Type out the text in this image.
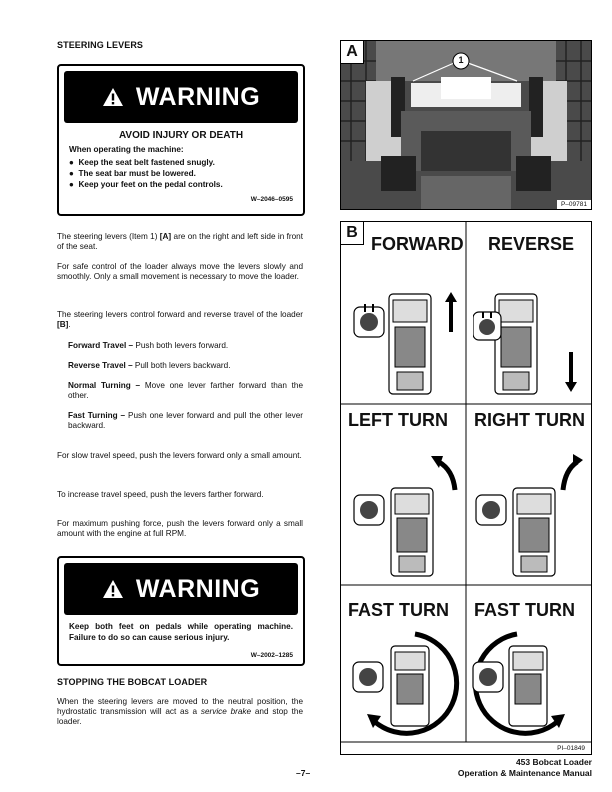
STEERING LEVERS
WARNING
AVOID INJURY OR DEATH
When operating the machine:
●  Keep the seat belt fastened snugly.
●  The seat bar must be lowered.
●  Keep your feet on the pedal controls.
W–2046–0595
The steering levers (Item 1) [A] are on the right and left side in front of the seat.
For safe control of the loader always move the levers slowly and smoothly. Only a small movement is necessary to move the loader.
The steering levers control forward and reverse travel of the loader [B].
Forward Travel – Push both levers forward.
Reverse Travel – Pull both levers backward.
Normal Turning – Move one lever farther forward than the other.
Fast Turning – Push one lever forward and pull the other lever backward.
For slow travel speed, push the levers forward only a small amount.
To increase travel speed, push the levers farther forward.
For maximum pushing force, push the levers forward only a small amount with the engine at full RPM.
WARNING
Keep both feet on pedals while operating machine. Failure to do so can cause serious injury.
W–2002–1285
STOPPING THE BOBCAT LOADER
When the steering levers are moved to the neutral position, the hydrostatic transmission will act as a service brake and stop the loader.
A	1
P–09781
B
FORWARD REVERSE
LEFT TURN RIGHT TURN
FAST TURN FAST TURN
PI–01849
–7–
453 Bobcat Loader
Operation & Maintenance Manual
